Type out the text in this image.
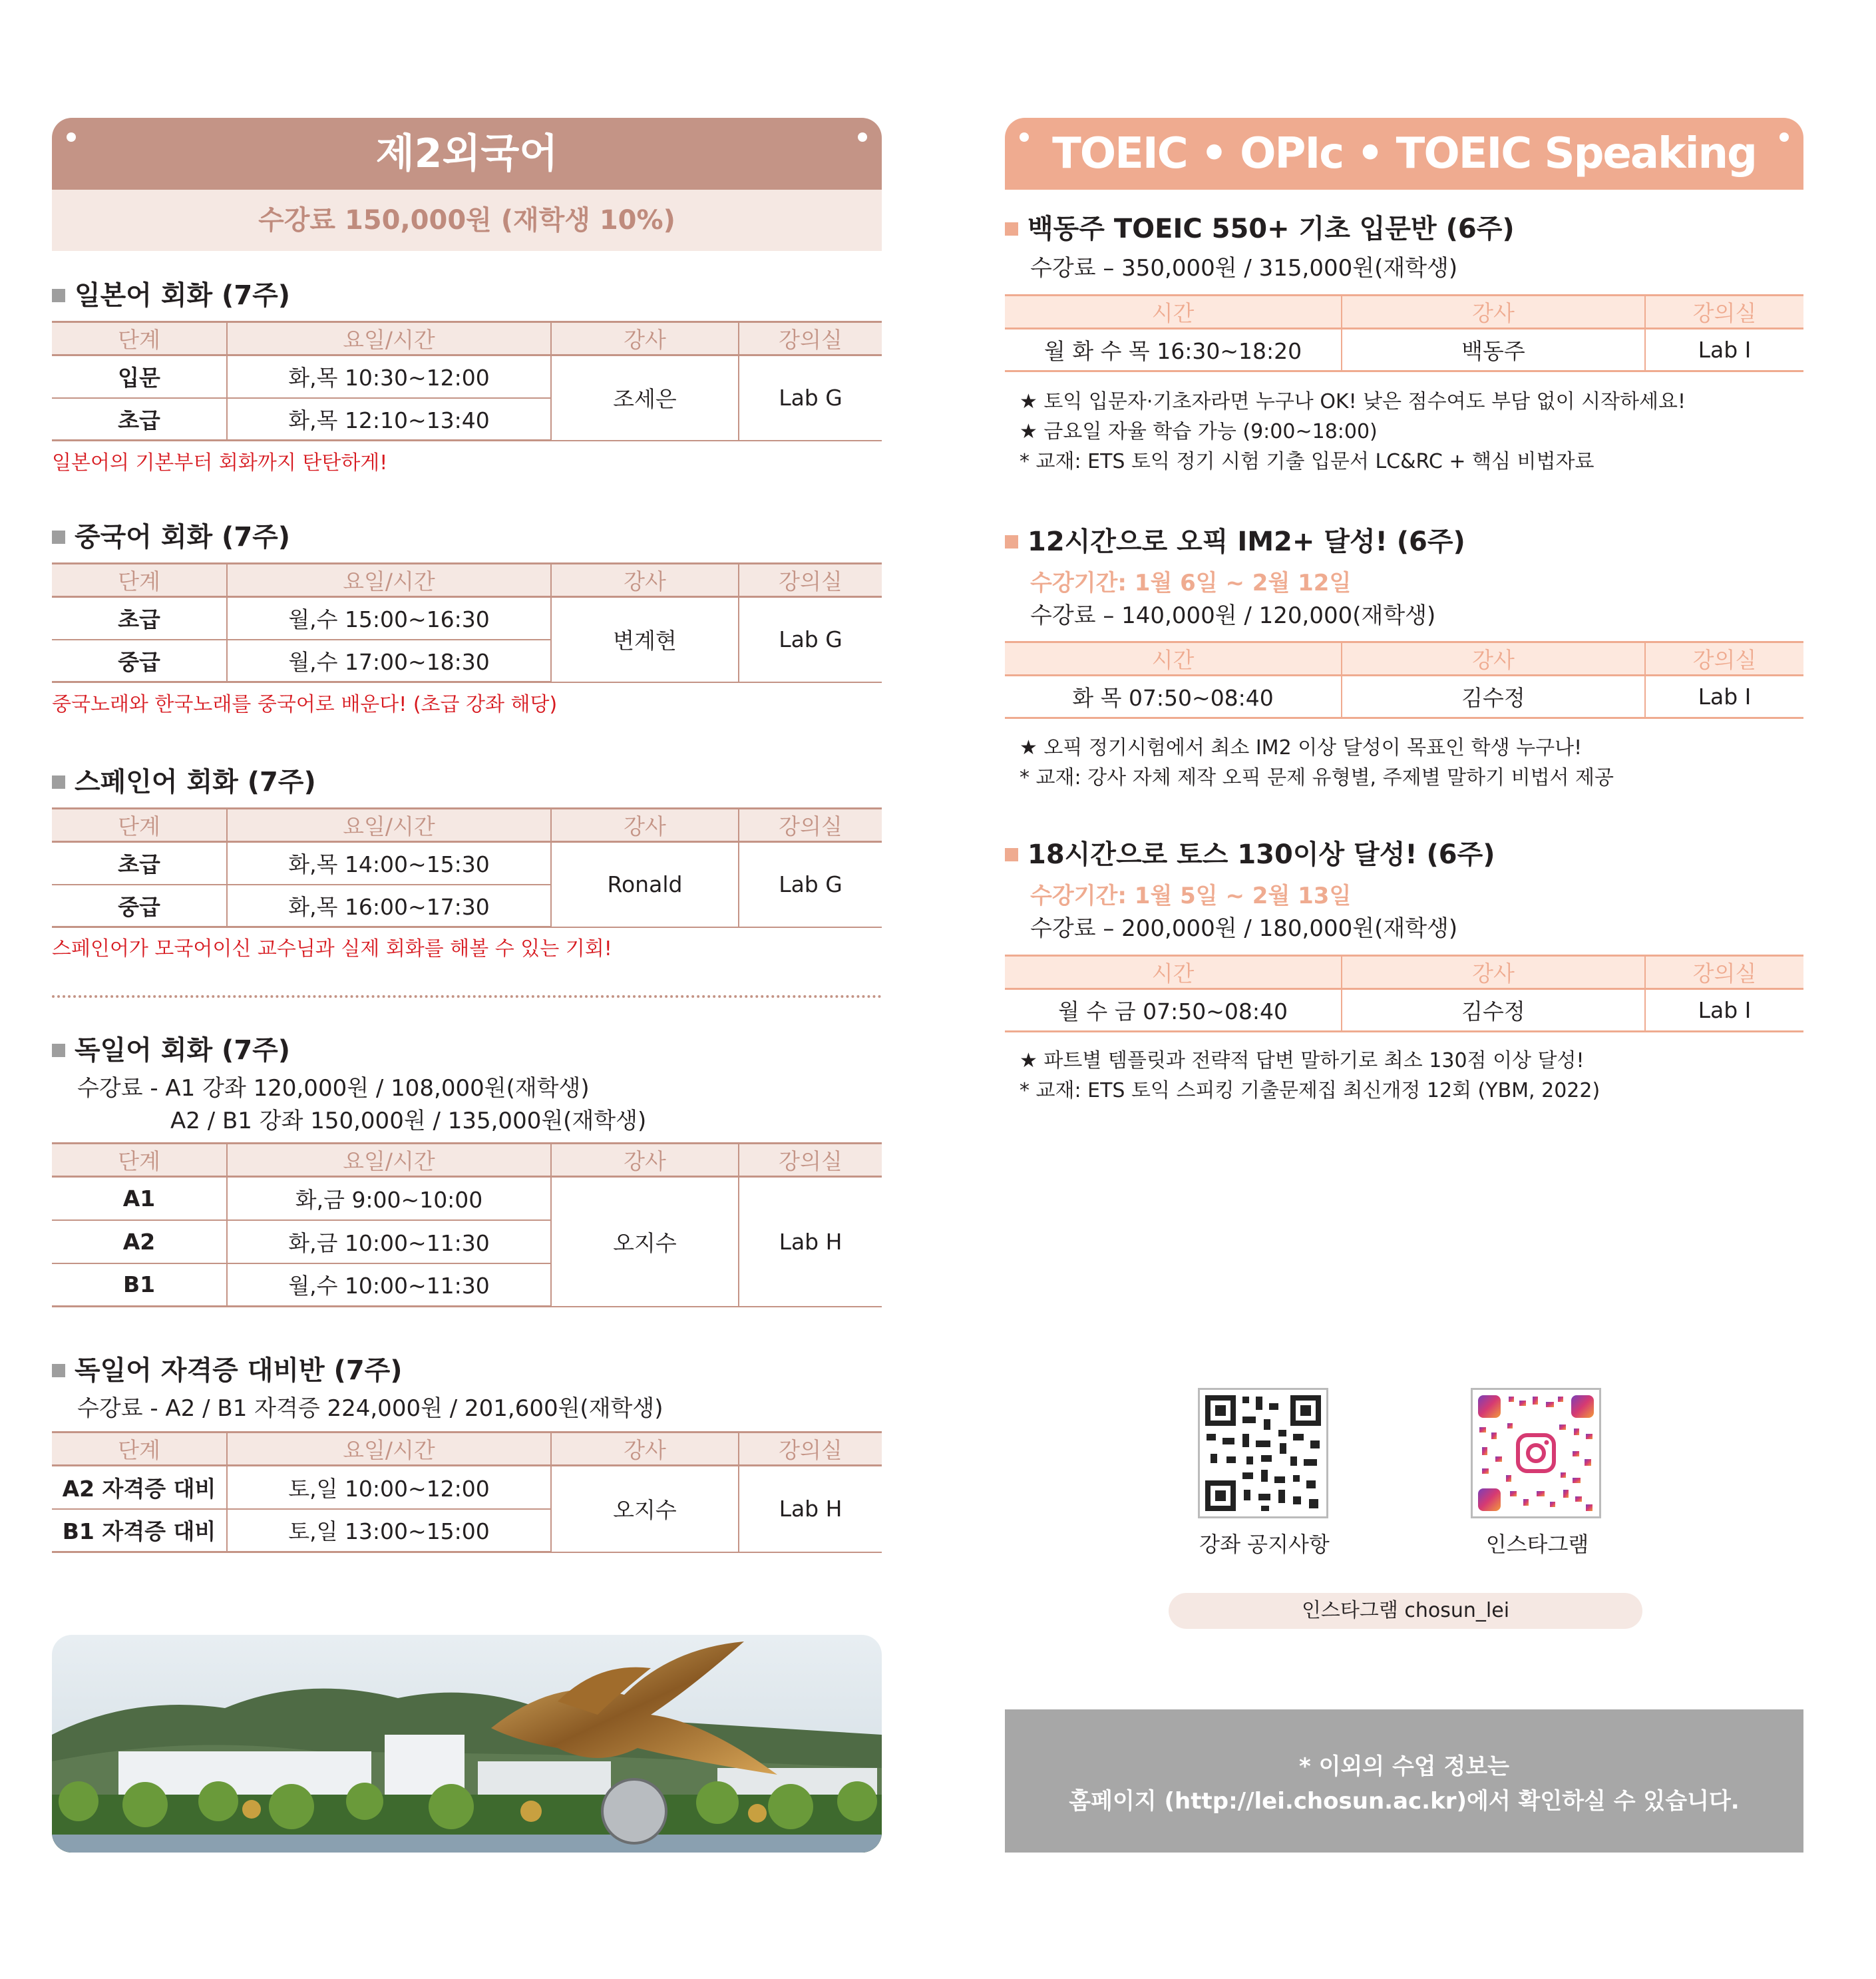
제2외국어
수강료 150,000원 (재학생 10%)
일본어 회화 (7주)
단계	요일/시간	강사	강의실
입문	화,목 10:30~12:00	조세은	Lab G
초급	화,목 12:10~13:40		
일본어의 기본부터 회화까지 탄탄하게!
중국어 회화 (7주)
단계	요일/시간	강사	강의실
초급	월,수 15:00~16:30	변계현	Lab G
중급	월,수 17:00~18:30		
중국노래와 한국노래를 중국어로 배운다! (초급 강좌 해당)
스페인어 회화 (7주)
단계	요일/시간	강사	강의실
초급	화,목 14:00~15:30	Ronald	Lab G
중급	화,목 16:00~17:30		
스페인어가 모국어이신 교수님과 실제 회화를 해볼 수 있는 기회!
독일어 회화 (7주)
수강료 - A1 강좌 120,000원 / 108,000원(재학생)
A2 / B1 강좌 150,000원 / 135,000원(재학생)
단계	요일/시간	강사	강의실
A1	화,금 9:00~10:00	오지수	Lab H
A2	화,금 10:00~11:30		
B1	월,수 10:00~11:30		
독일어 자격증 대비반 (7주)
수강료 - A2 / B1 자격증 224,000원 / 201,600원(재학생)
단계	요일/시간	강사	강의실
A2 자격증 대비	토,일 10:00~12:00	오지수	Lab H
B1 자격증 대비	토,일 13:00~15:00		
TOEIC • OPIc • TOEIC Speaking
백동주 TOEIC 550+ 기초 입문반 (6주)
수강료 – 350,000원 / 315,000원(재학생)
시간	강사	강의실
월 화 수 목 16:30~18:20	백동주	Lab I
★ 토익 입문자·기초자라면 누구나 OK! 낮은 점수여도 부담 없이 시작하세요!
★ 금요일 자율 학습 가능 (9:00~18:00)
* 교재: ETS 토익 정기 시험 기출 입문서 LC&RC + 핵심 비법자료
12시간으로 오픽 IM2+ 달성! (6주)
수강기간: 1월 6일 ~ 2월 12일
수강료 – 140,000원 / 120,000(재학생)
시간	강사	강의실
화 목 07:50~08:40	김수정	Lab I
★ 오픽 정기시험에서 최소 IM2 이상 달성이 목표인 학생 누구나!
* 교재: 강사 자체 제작 오픽 문제 유형별, 주제별 말하기 비법서 제공
18시간으로 토스 130이상 달성! (6주)
수강기간: 1월 5일 ~ 2월 13일
수강료 – 200,000원 / 180,000원(재학생)
시간	강사	강의실
월 수 금 07:50~08:40	김수정	Lab I
★ 파트별 템플릿과 전략적 답변 말하기로 최소 130점 이상 달성!
* 교재: ETS 토익 스피킹 기출문제집 최신개정 12회 (YBM, 2022)
강좌 공지사항	인스타그램
인스타그램 chosun_lei
* 이외의 수업 정보는
홈페이지 (http://lei.chosun.ac.kr)에서 확인하실 수 있습니다.
